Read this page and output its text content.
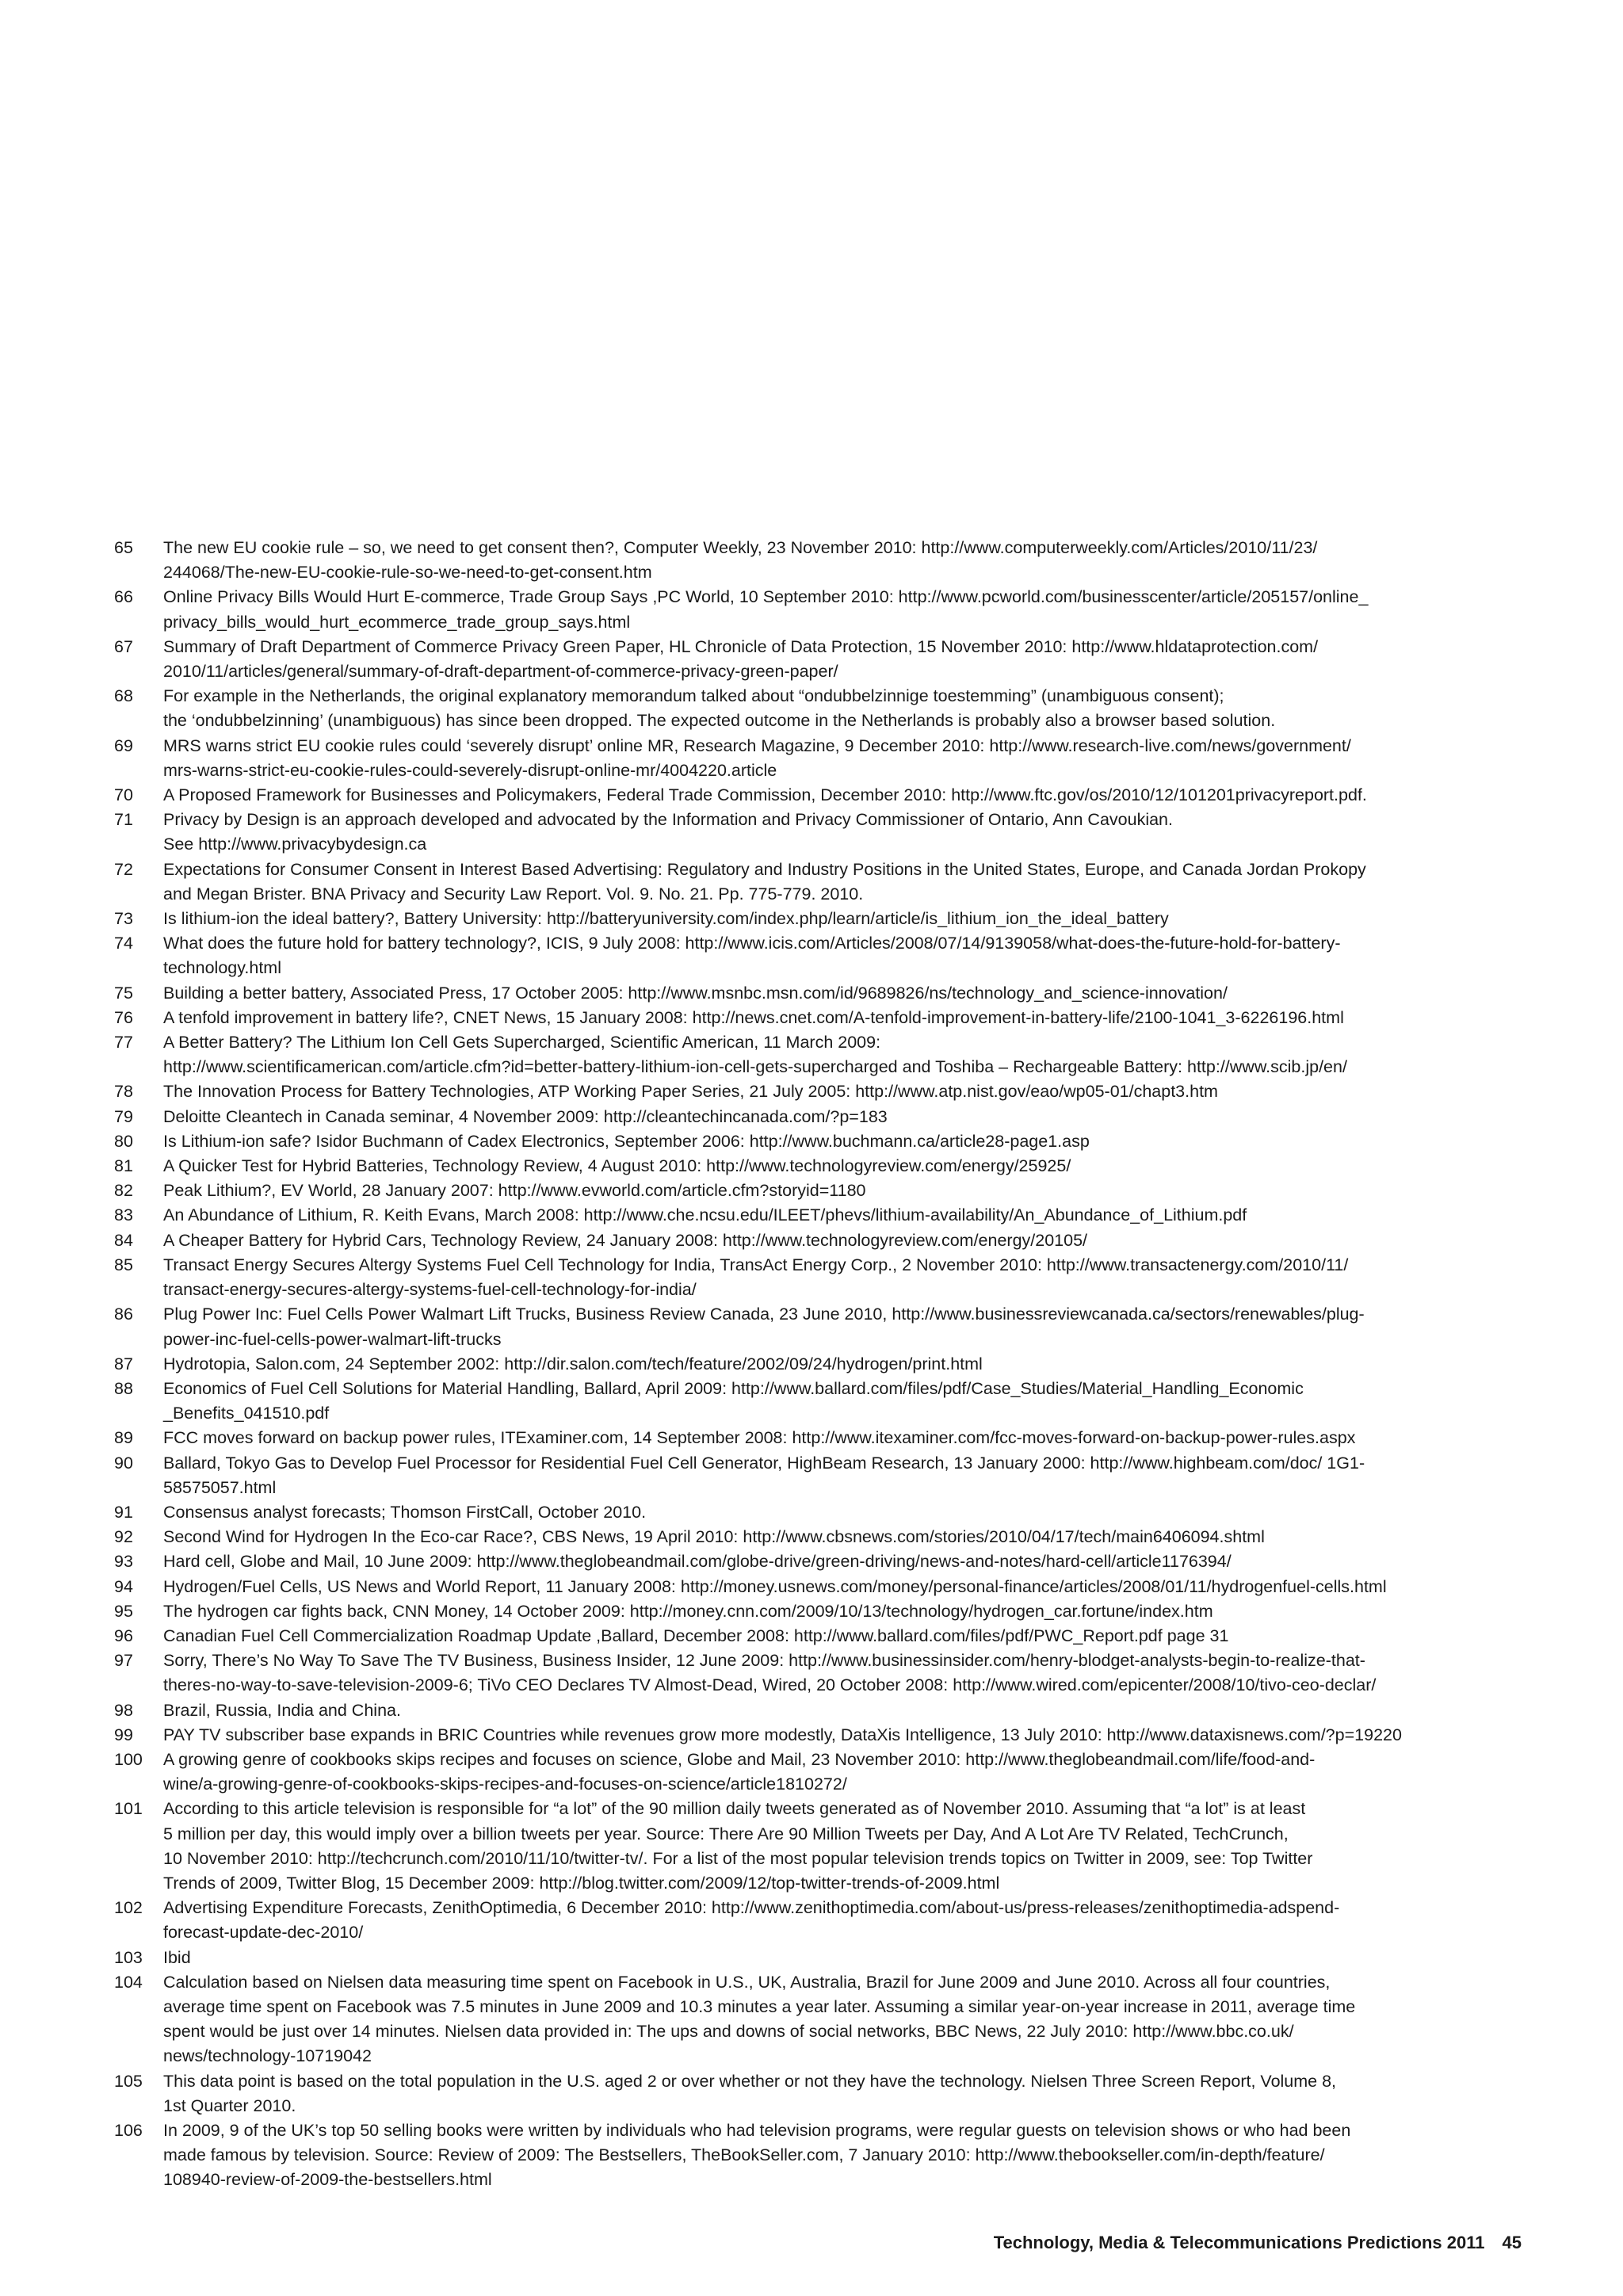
65	The new EU cookie rule – so, we need to get consent then?, Computer Weekly, 23 November 2010: http://www.computerweekly.com/Articles/2010/11/23/
244068/The-new-EU-cookie-rule-so-we-need-to-get-consent.htm
66	Online Privacy Bills Would Hurt E-commerce, Trade Group Says ,PC World, 10 September 2010: http://www.pcworld.com/businesscenter/article/205157/online_
privacy_bills_would_hurt_ecommerce_trade_group_says.html
67	Summary of Draft Department of Commerce Privacy Green Paper, HL Chronicle of Data Protection, 15 November 2010: http://www.hldataprotection.com/
2010/11/articles/general/summary-of-draft-department-of-commerce-privacy-green-paper/
68	For example in the Netherlands, the original explanatory memorandum talked about “ondubbelzinnige toestemming” (unambiguous consent);
the ‘ondubbelzinning’ (unambiguous) has since been dropped. The expected outcome in the Netherlands is probably also a browser based solution.
69	MRS warns strict EU cookie rules could ‘severely disrupt’ online MR, Research Magazine, 9 December 2010: http://www.research-live.com/news/government/
mrs-warns-strict-eu-cookie-rules-could-severely-disrupt-online-mr/4004220.article
70	A Proposed Framework for Businesses and Policymakers, Federal Trade Commission, December 2010: http://www.ftc.gov/os/2010/12/101201privacyreport.pdf.
71	Privacy by Design is an approach developed and advocated by the Information and Privacy Commissioner of Ontario, Ann Cavoukian.
See http://www.privacybydesign.ca
72	Expectations for Consumer Consent in Interest Based Advertising: Regulatory and Industry Positions in the United States, Europe, and Canada Jordan Prokopy
and Megan Brister. BNA Privacy and Security Law Report. Vol. 9. No. 21. Pp. 775-779. 2010.
73	Is lithium-ion the ideal battery?, Battery University: http://batteryuniversity.com/index.php/learn/article/is_lithium_ion_the_ideal_battery
74	What does the future hold for battery technology?, ICIS, 9 July 2008: http://www.icis.com/Articles/2008/07/14/9139058/what-does-the-future-hold-for-battery-
technology.html
75	Building a better battery, Associated Press, 17 October 2005: http://www.msnbc.msn.com/id/9689826/ns/technology_and_science-innovation/
76	A tenfold improvement in battery life?, CNET News, 15 January 2008: http://news.cnet.com/A-tenfold-improvement-in-battery-life/2100-1041_3-6226196.html
77	A Better Battery? The Lithium Ion Cell Gets Supercharged, Scientific American, 11 March 2009:
http://www.scientificamerican.com/article.cfm?id=better-battery-lithium-ion-cell-gets-supercharged and Toshiba – Rechargeable Battery: http://www.scib.jp/en/
78	The Innovation Process for Battery Technologies, ATP Working Paper Series, 21 July 2005: http://www.atp.nist.gov/eao/wp05-01/chapt3.htm
79	Deloitte Cleantech in Canada seminar, 4 November 2009: http://cleantechincanada.com/?p=183
80	Is Lithium-ion safe? Isidor Buchmann of Cadex Electronics, September 2006: http://www.buchmann.ca/article28-page1.asp
81	A Quicker Test for Hybrid Batteries, Technology Review, 4 August 2010: http://www.technologyreview.com/energy/25925/
82	Peak Lithium?, EV World, 28 January 2007: http://www.evworld.com/article.cfm?storyid=1180
83	An Abundance of Lithium, R. Keith Evans, March 2008: http://www.che.ncsu.edu/ILEET/phevs/lithium-availability/An_Abundance_of_Lithium.pdf
84	A Cheaper Battery for Hybrid Cars, Technology Review, 24 January 2008: http://www.technologyreview.com/energy/20105/
85	Transact Energy Secures Altergy Systems Fuel Cell Technology for India, TransAct Energy Corp., 2 November 2010: http://www.transactenergy.com/2010/11/
transact-energy-secures-altergy-systems-fuel-cell-technology-for-india/
86	Plug Power Inc: Fuel Cells Power Walmart Lift Trucks, Business Review Canada, 23 June 2010, http://www.businessreviewcanada.ca/sectors/renewables/plug-
power-inc-fuel-cells-power-walmart-lift-trucks
87	Hydrotopia, Salon.com, 24 September 2002: http://dir.salon.com/tech/feature/2002/09/24/hydrogen/print.html
88	Economics of Fuel Cell Solutions for Material Handling, Ballard, April 2009: http://www.ballard.com/files/pdf/Case_Studies/Material_Handling_Economic
_Benefits_041510.pdf
89	FCC moves forward on backup power rules, ITExaminer.com, 14 September 2008: http://www.itexaminer.com/fcc-moves-forward-on-backup-power-rules.aspx
90	Ballard, Tokyo Gas to Develop Fuel Processor for Residential Fuel Cell Generator, HighBeam Research, 13 January 2000: http://www.highbeam.com/doc/ 1G1-
58575057.html
91	Consensus analyst forecasts; Thomson FirstCall, October 2010.
92	Second Wind for Hydrogen In the Eco-car Race?, CBS News, 19 April 2010: http://www.cbsnews.com/stories/2010/04/17/tech/main6406094.shtml
93	Hard cell, Globe and Mail, 10 June 2009: http://www.theglobeandmail.com/globe-drive/green-driving/news-and-notes/hard-cell/article1176394/
94	Hydrogen/Fuel Cells, US News and World Report, 11 January 2008: http://money.usnews.com/money/personal-finance/articles/2008/01/11/hydrogenfuel-cells.html
95	The hydrogen car fights back, CNN Money, 14 October 2009: http://money.cnn.com/2009/10/13/technology/hydrogen_car.fortune/index.htm
96	Canadian Fuel Cell Commercialization Roadmap Update ,Ballard, December 2008: http://www.ballard.com/files/pdf/PWC_Report.pdf page 31
97	Sorry, There’s No Way To Save The TV Business, Business Insider, 12 June 2009: http://www.businessinsider.com/henry-blodget-analysts-begin-to-realize-that-
theres-no-way-to-save-television-2009-6; TiVo CEO Declares TV Almost-Dead, Wired, 20 October 2008: http://www.wired.com/epicenter/2008/10/tivo-ceo-declar/
98	Brazil, Russia, India and China.
99	PAY TV subscriber base expands in BRIC Countries while revenues grow more modestly, DataXis Intelligence, 13 July 2010: http://www.dataxisnews.com/?p=19220
100	A growing genre of cookbooks skips recipes and focuses on science, Globe and Mail, 23 November 2010: http://www.theglobeandmail.com/life/food-and-
wine/a-growing-genre-of-cookbooks-skips-recipes-and-focuses-on-science/article1810272/
101	According to this article television is responsible for “a lot” of the 90 million daily tweets generated as of November 2010. Assuming that “a lot” is at least
5 million per day, this would imply over a billion tweets per year. Source: There Are 90 Million Tweets per Day, And A Lot Are TV Related, TechCrunch,
10 November 2010: http://techcrunch.com/2010/11/10/twitter-tv/. For a list of the most popular television trends topics on Twitter in 2009, see: Top Twitter
Trends of 2009, Twitter Blog, 15 December 2009: http://blog.twitter.com/2009/12/top-twitter-trends-of-2009.html
102	Advertising Expenditure Forecasts, ZenithOptimedia, 6 December 2010: http://www.zenithoptimedia.com/about-us/press-releases/zenithoptimedia-adspend-
forecast-update-dec-2010/
103	Ibid
104	Calculation based on Nielsen data measuring time spent on Facebook in U.S., UK, Australia, Brazil for June 2009 and June 2010. Across all four countries,
average time spent on Facebook was 7.5 minutes in June 2009 and 10.3 minutes a year later. Assuming a similar year-on-year increase in 2011, average time
spent would be just over 14 minutes. Nielsen data provided in: The ups and downs of social networks, BBC News, 22 July 2010: http://www.bbc.co.uk/
news/technology-10719042
105	This data point is based on the total population in the U.S. aged 2 or over whether or not they have the technology. Nielsen Three Screen Report, Volume 8,
1st Quarter 2010.
106	In 2009, 9 of the UK’s top 50 selling books were written by individuals who had television programs, were regular guests on television shows or who had been
made famous by television. Source: Review of 2009: The Bestsellers, TheBookSeller.com, 7 January 2010: http://www.thebookseller.com/in-depth/feature/
108940-review-of-2009-the-bestsellers.html
Technology, Media & Telecommunications Predictions 2011 45
